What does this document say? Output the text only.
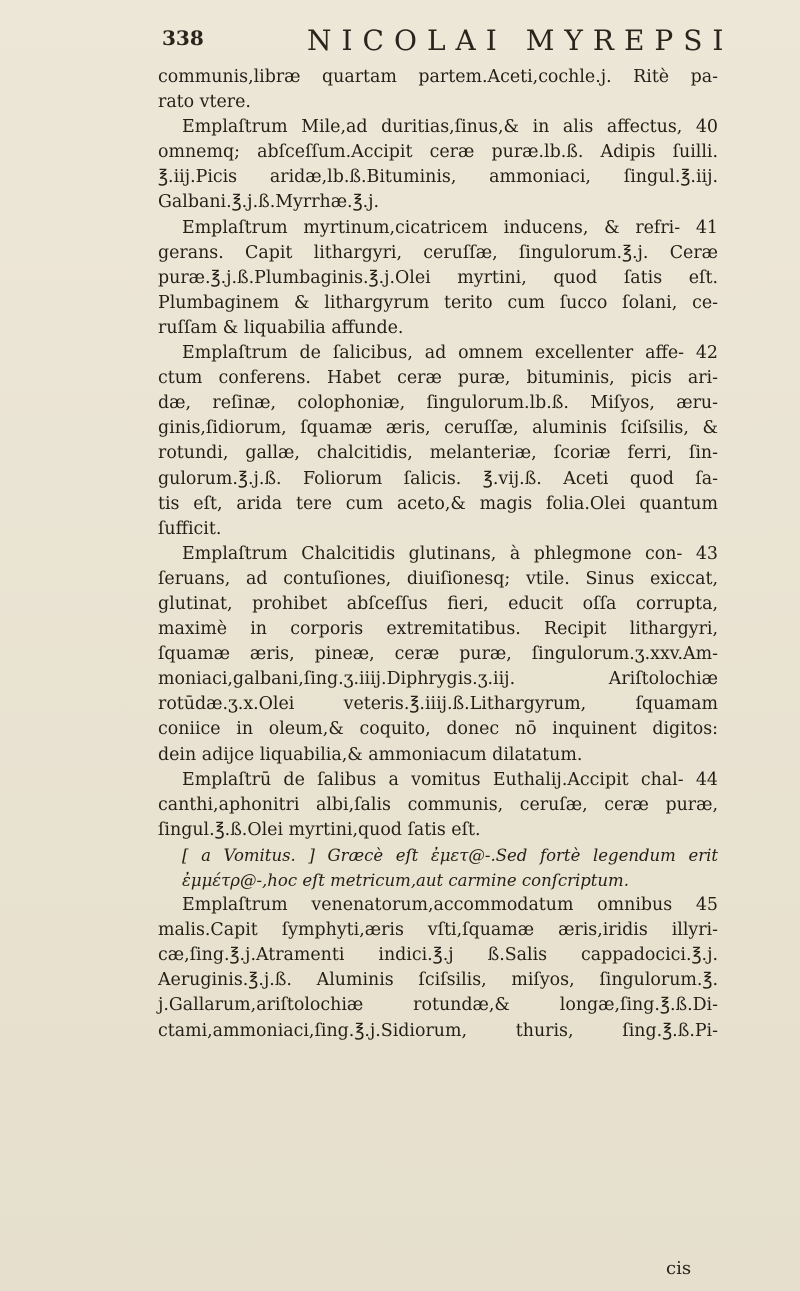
338	NICOLAI MYREPSI
communis,libræ quartam partem.Aceti,cochle.j. Ritè pa-
rato vtere.
Emplaſtrum Mile,ad duritias,ſinus,& in alis affectus, 40
omnemq; abſceſſum.Accipit ceræ puræ.lb.ß. Adipis ſuilli.
℥.iij.Picis aridæ,lb.ß.Bituminis, ammoniaci, ſingul.℥.iij.
Galbani.℥.j.ß.Myrrhæ.℥.j.
Emplaſtrum myrtinum,cicatricem inducens, & refri- 41
gerans. Capit lithargyri, ceruſſæ, ſingulorum.℥.j. Ceræ
puræ.℥.j.ß.Plumbaginis.℥.j.Olei myrtini, quod ſatis eſt.
Plumbaginem & lithargyrum terito cum ſucco ſolani, ce-
ruſſam & liquabilia affunde.
Emplaſtrum de ſalicibus, ad omnem excellenter affe- 42
ctum conferens. Habet ceræ puræ, bituminis, picis ari-
dæ, reſinæ, colophoniæ, ſingulorum.lb.ß. Miſyos, æru-
ginis,ſidiorum, ſquamæ æris, ceruſſæ, aluminis ſciſsilis, &
rotundi, gallæ, chalcitidis, melanteriæ, ſcoriæ ferri, ſin-
gulorum.℥.j.ß. Foliorum ſalicis. ℥.vij.ß. Aceti quod ſa-
tis eſt, arida tere cum aceto,& magis folia.Olei quantum
ſufficit.
Emplaſtrum Chalcitidis glutinans, à phlegmone con- 43
ſeruans, ad contuſiones, diuiſionesq; vtile. Sinus exiccat,
glutinat, prohibet abſceſſus fieri, educit oſſa corrupta,
maximè in corporis extremitatibus. Recipit lithargyri,
ſquamæ æris, pineæ, ceræ puræ, ſingulorum.ʒ.xxv.Am-
moniaci,galbani,ſing.ʒ.iiij.Diphrygis.ʒ.iij. Ariſtolochiæ
rotūdæ.ʒ.x.Olei veteris.℥.iiij.ß.Lithargyrum, ſquamam
coniice in oleum,& coquito, donec nō inquinent digitos:
dein adijce liquabilia,& ammoniacum dilatatum.
Emplaſtrū de ſalibus a vomitus Euthalij.Accipit chal- 44
canthi,aphonitri albi,ſalis communis, ceruſæ, ceræ puræ,
ſingul.℥.ß.Olei myrtini,quod ſatis eſt.
[ a Vomitus. ] Græcè eſt ἐμετ@-.Sed fortè legendum erit ἐμμέτρ@-,hoc eſt metricum,aut carmine conſcriptum.
Emplaſtrum venenatorum,accommodatum omnibus 45
malis.Capit ſymphyti,æris vſti,ſquamæ æris,iridis illyri-
cæ,ſing.℥.j.Atramenti indici.℥.j ß.Salis cappadocici.℥.j.
Aeruginis.℥.j.ß. Aluminis ſciſsilis, miſyos, ſingulorum.℥.
j.Gallarum,ariſtolochiæ rotundæ,& longæ,ſing.℥.ß.Di-
ctami,ammoniaci,ſing.℥.j.Sidiorum, thuris, ſing.℥.ß.Pi-
cis
